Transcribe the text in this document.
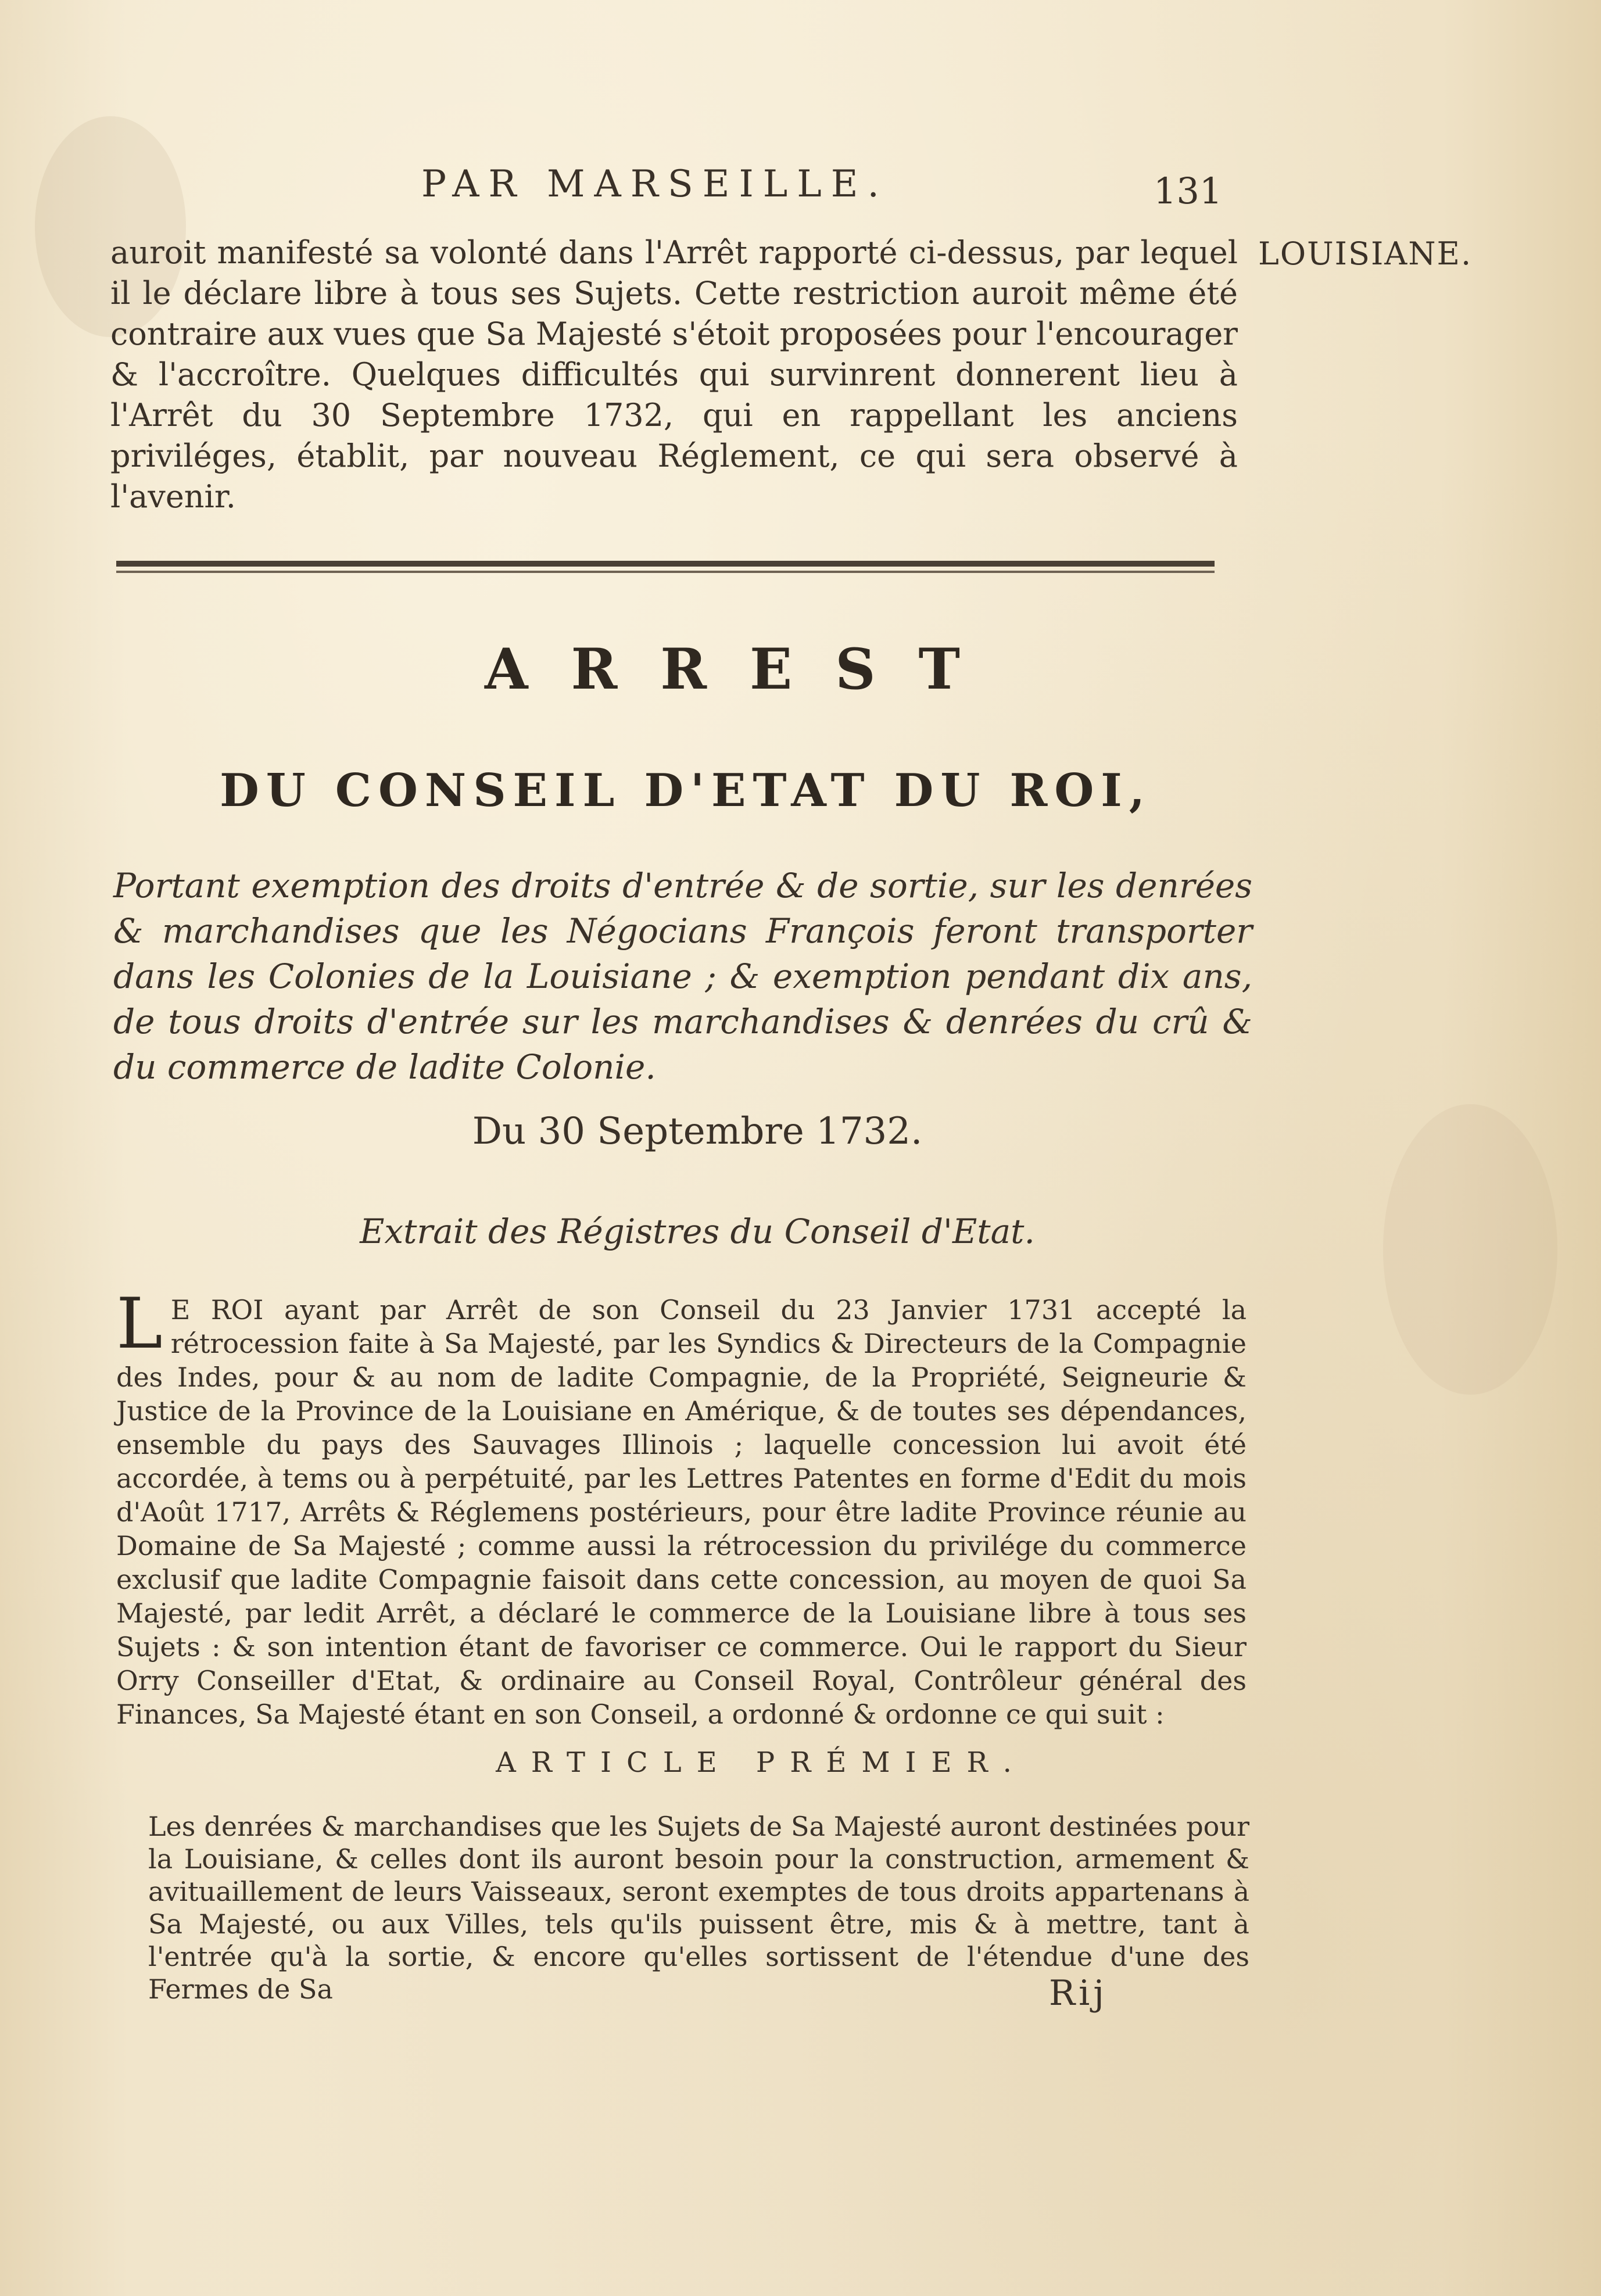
PAR MARSEILLE.	131
LOUISIANE.
auroit manifesté sa volonté dans l'Arrêt rapporté ci-dessus, par lequel il le déclare libre à tous ses Sujets. Cette restriction auroit même été contraire aux vues que Sa Majesté s'étoit proposées pour l'encourager & l'accroître. Quelques difficultés qui survinrent donnerent lieu à l'Arrêt du 30 Septembre 1732, qui en rappellant les anciens priviléges, établit, par nouveau Réglement, ce qui sera observé à l'avenir.
ARREST
DU CONSEIL D'ETAT DU ROI,
Portant exemption des droits d'entrée & de sortie, sur les denrées & marchandises que les Négocians François feront transporter dans les Colonies de la Louisiane ; & exemption pendant dix ans, de tous droits d'entrée sur les marchandises & denrées du crû & du commerce de ladite Colonie.
Du 30 Septembre 1732.
Extrait des Régistres du Conseil d'Etat.
L E ROI ayant par Arrêt de son Conseil du 23 Janvier 1731 accepté la rétrocession faite à Sa Majesté, par les Syndics & Directeurs de la Compagnie des Indes, pour & au nom de ladite Compagnie, de la Propriété, Seigneurie & Justice de la Province de la Louisiane en Amérique, & de toutes ses dépendances, ensemble du pays des Sauvages Illinois ; laquelle concession lui avoit été accordée, à tems ou à perpétuité, par les Lettres Patentes en forme d'Edit du mois d'Août 1717, Arrêts & Réglemens postérieurs, pour être ladite Province réunie au Domaine de Sa Majesté ; comme aussi la rétrocession du privilége du commerce exclusif que ladite Compagnie faisoit dans cette concession, au moyen de quoi Sa Majesté, par ledit Arrêt, a déclaré le commerce de la Louisiane libre à tous ses Sujets : & son intention étant de favoriser ce commerce. Oui le rapport du Sieur Orry Conseiller d'Etat, & ordinaire au Conseil Royal, Contrôleur général des Finances, Sa Majesté étant en son Conseil, a ordonné & ordonne ce qui suit :
ARTICLE PRÉMIER.
Les denrées & marchandises que les Sujets de Sa Majesté auront destinées pour la Louisiane, & celles dont ils auront besoin pour la construction, armement & avituaillement de leurs Vaisseaux, seront exemptes de tous droits appartenans à Sa Majesté, ou aux Villes, tels qu'ils puissent être, mis & à mettre, tant à l'entrée qu'à la sortie, & encore qu'elles sortissent de l'étendue d'une des Fermes de Sa	Rij
